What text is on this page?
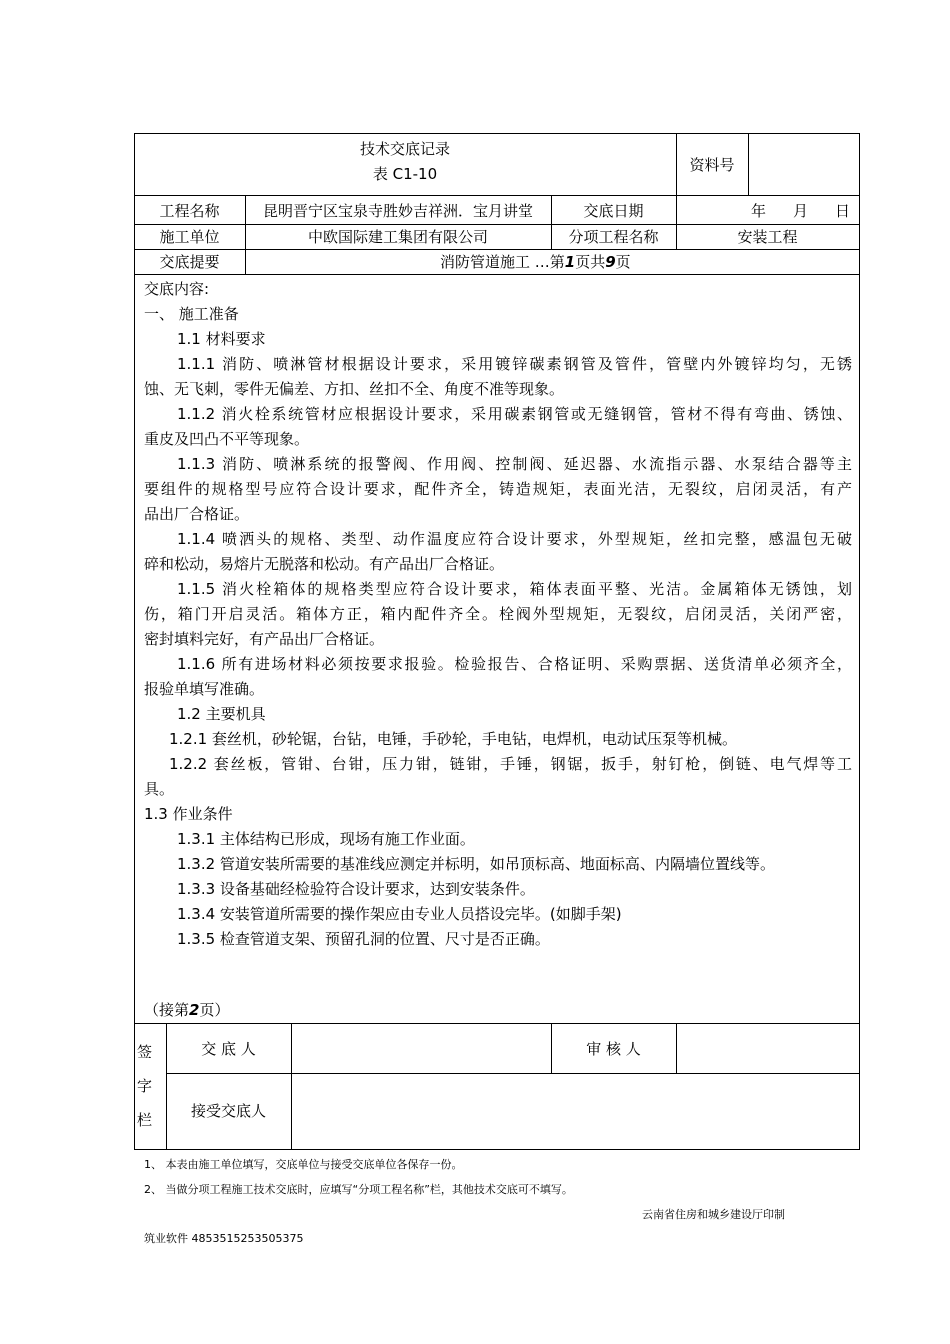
技术交底记录
表 C1-10	资料号
工程名称	昆明晋宁区宝泉寺胜妙吉祥洲．宝月讲堂	交底日期	年 月 日
施工单位	中欧国际建工集团有限公司	分项工程名称	安装工程
交底提要	消防管道施工 …第1页共9页
交底内容:
一、 施工准备
1.1 材料要求
1.1.1 消防、喷淋管材根据设计要求，采用镀锌碳素钢管及管件，管壁内外镀锌均匀，无锈
蚀、无飞刺，零件无偏差、方扣、丝扣不全、角度不准等现象。
1.1.2 消火栓系统管材应根据设计要求，采用碳素钢管或无缝钢管，管材不得有弯曲、锈蚀、
重皮及凹凸不平等现象。
1.1.3 消防、喷淋系统的报警阀、作用阀、控制阀、延迟器、水流指示器、水泵结合器等主
要组件的规格型号应符合设计要求，配件齐全，铸造规矩，表面光洁，无裂纹，启闭灵活，有产
品出厂合格证。
1.1.4 喷洒头的规格、类型、动作温度应符合设计要求，外型规矩，丝扣完整，感温包无破
碎和松动，易熔片无脱落和松动。有产品出厂合格证。
1.1.5 消火栓箱体的规格类型应符合设计要求，箱体表面平整、光洁。金属箱体无锈蚀，划
伤，箱门开启灵活。箱体方正，箱内配件齐全。栓阀外型规矩，无裂纹，启闭灵活，关闭严密，
密封填料完好，有产品出厂合格证。
1.1.6 所有进场材料必须按要求报验。检验报告、合格证明、采购票据、送货清单必须齐全，
报验单填写准确。
1.2 主要机具
1.2.1 套丝机，砂轮锯，台钻，电锤，手砂轮，手电钻，电焊机，电动试压泵等机械。
1.2.2 套丝板，管钳、台钳，压力钳，链钳，手锤，钢锯，扳手，射钉枪，倒链、电气焊等工
具。
1.3 作业条件
1.3.1 主体结构已形成，现场有施工作业面。
1.3.2 管道安装所需要的基准线应测定并标明，如吊顶标高、地面标高、内隔墙位置线等。
1.3.3 设备基础经检验符合设计要求，达到安装条件。
1.3.4 安装管道所需要的操作架应由专业人员搭设完毕。(如脚手架)
1.3.5 检查管道支架、预留孔洞的位置、尺寸是否正确。
（接第2页）
签
字
栏
交 底 人	审 核 人
接受交底人
1、 本表由施工单位填写，交底单位与接受交底单位各保存一份。
2、 当做分项工程施工技术交底时，应填写“分项工程名称”栏，其他技术交底可不填写。
云南省住房和城乡建设厅印制
筑业软件 4853515253505375
